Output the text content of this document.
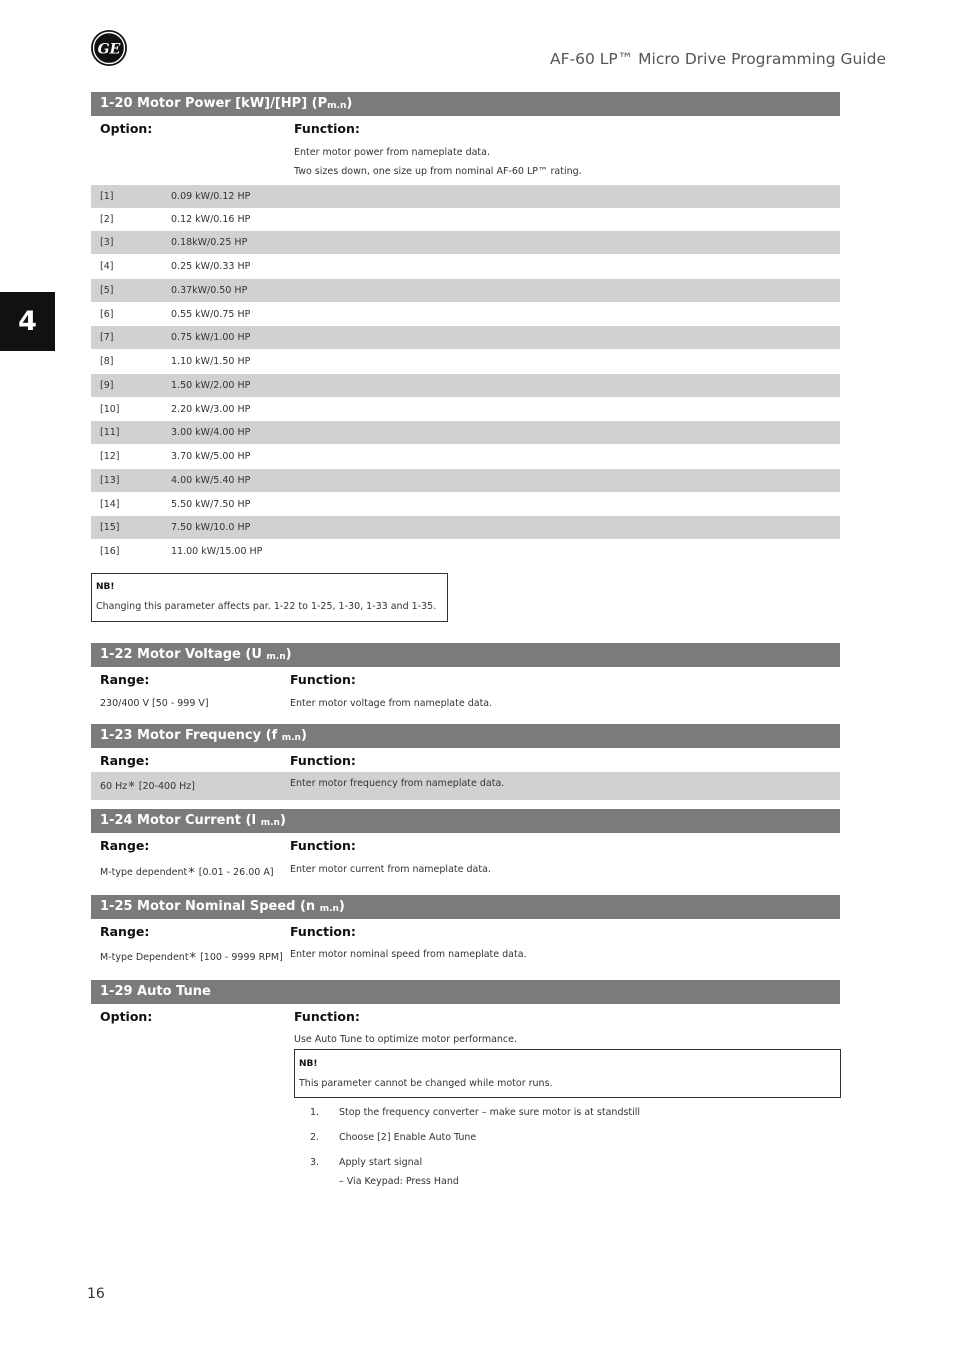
GE
AF-60 LP™ Micro Drive Programming Guide
4
1-20 Motor Power [kW]/[HP] $(P_{m.n})$
Option:	Function:
Enter motor power from nameplate data.
Two sizes down, one size up from nominal AF-60 LP™ rating.
[1]	0.09 kW/0.12 HP
[2]	0.12 kW/0.16 HP
[3]	0.18kW/0.25 HP
[4]	0.25 kW/0.33 HP
[5]	0.37kW/0.50 HP
[6]	0.55 kW/0.75 HP
[7]	0.75 kW/1.00 HP
[8]	1.10 kW/1.50 HP
[9]	1.50 kW/2.00 HP
[10]	2.20 kW/3.00 HP
[11]	3.00 kW/4.00 HP
[12]	3.70 kW/5.00 HP
[13]	4.00 kW/5.40 HP
[14]	5.50 kW/7.50 HP
[15]	7.50 kW/10.0 HP
[16]	11.00 kW/15.00 HP
NB!
Changing this parameter affects par. 1-22 to 1-25, 1-30, 1-33 and 1-35.
1-22 Motor Voltage (U $_{m.n}$)
Range:	Function:
230/400 V [50 - 999 V]	Enter motor voltage from nameplate data.
1-23 Motor Frequency (f $_{m.n}$)
Range:	Function:
60 Hz* [20-400 Hz]	Enter motor frequency from nameplate data.
1-24 Motor Current (I $_{m.n}$)
Range:	Function:
M-type dependent* [0.01 - 26.00 A] Enter motor current from nameplate data.
1-25 Motor Nominal Speed (n $_{m.n}$)
Range:	Function:
M-type Dependent* [100 - 9999 RPM] Enter motor nominal speed from nameplate data.
1-29 Auto Tune
Option:	Function:
Use Auto Tune to optimize motor performance.
NB!
This parameter cannot be changed while motor runs.
1. Stop the frequency converter – make sure motor is at standstill
2. Choose [2] Enable Auto Tune
3. Apply start signal
– Via Keypad: Press Hand
16
